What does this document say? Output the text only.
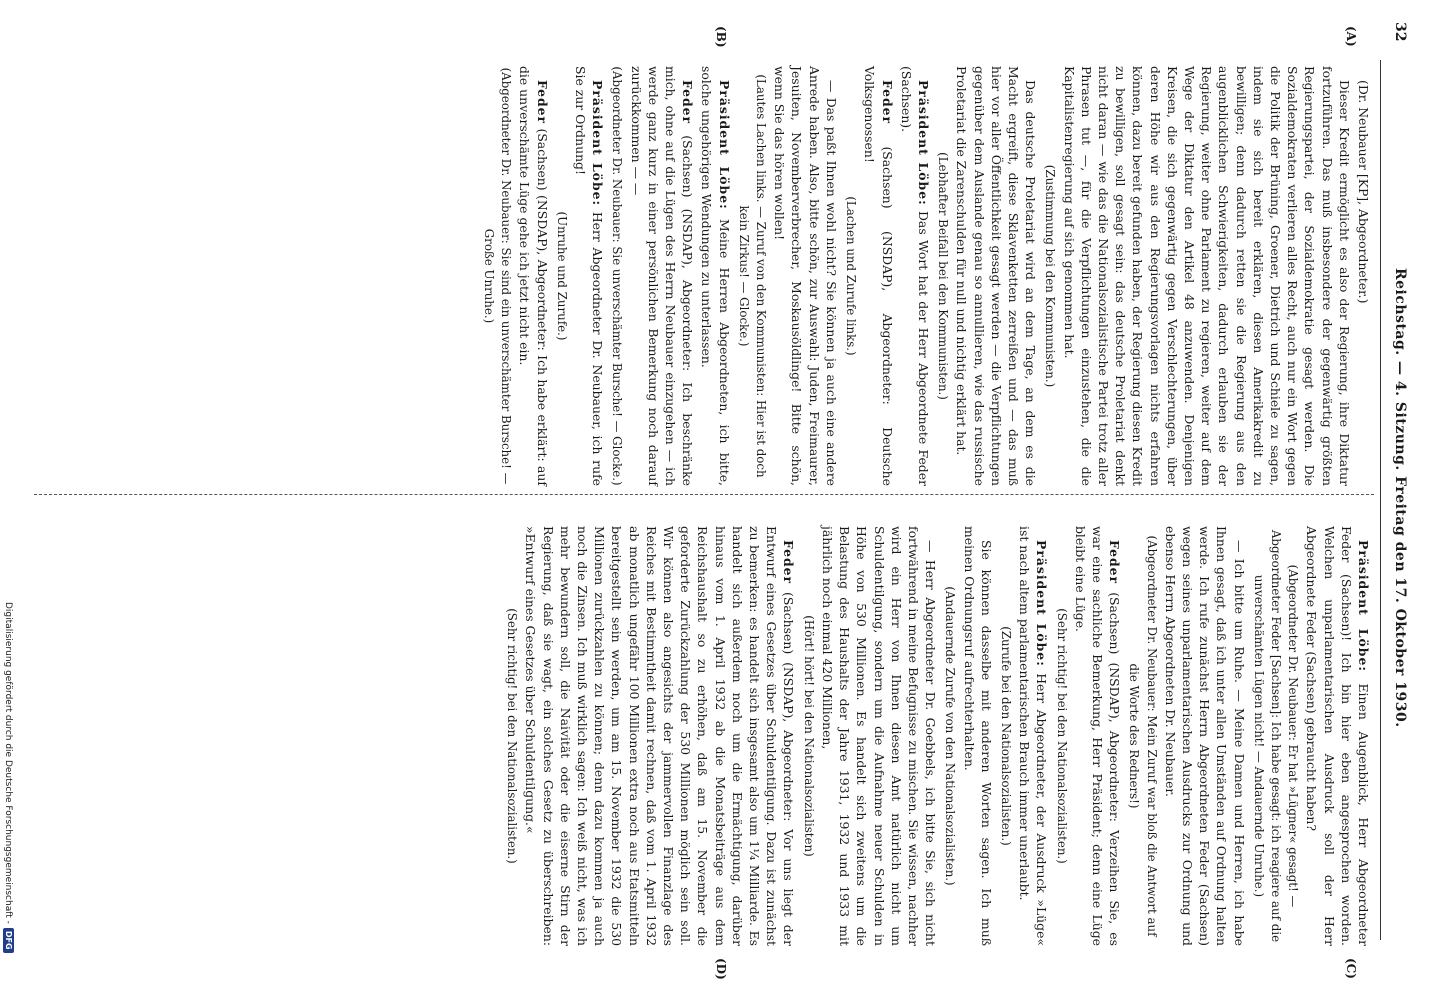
32
Reichstag. — 4. Sitzung. Freitag den 17. Oktober 1930.
(A)
(B)
(C)
(D)

(Dr. Neubauer [KP], Abgeordneter.)

Dieser Kredit ermöglicht es also der Regierung, ihre Diktatur fortzuführen. Das muß insbesondere der gegenwärtig größten Regierungspartei, der Sozialdemokratie gesagt werden. Die Sozialdemokraten verlieren alles Recht, auch nur ein Wort gegen die Politik der Brüning, Groener, Dietrich und Schiele zu sagen, indem sie sich bereit erklären, diesen Amerikakredit zu bewilligen; denn dadurch retten sie die Regierung aus den augenblicklichen Schwierigkeiten, dadurch erlauben sie der Regierung, weiter ohne Parlament zu regieren, weiter auf dem Wege der Diktatur den Artikel 48 anzuwenden. Denjenigen Kreisen, die sich gegenwärtig gegen Verschlechterungen, über deren Höhe wir aus den Regierungsvorlagen nichts erfahren können, dazu bereit gefunden haben, der Regierung diesen Kredit zu bewilligen, soll gesagt sein: das deutsche Proletariat denkt nicht daran — wie das die Nationalsozialistische Partei trotz aller Phrasen tut —, für die Verpflichtungen einzustehen, die die Kapitalistenregierung auf sich genommen hat.

(Zustimmung bei den Kommunisten.)

Das deutsche Proletariat wird an dem Tage, an dem es die Macht ergreift, diese Sklavenketten zerreißen und — das muß hier vor aller Öffentlichkeit gesagt werden — die Verpflichtungen gegenüber dem Auslande genau so annullieren, wie das russische Proletariat die Zarenschulden für null und nichtig erklärt hat.

(Lebhafter Beifall bei den Kommunisten.)

Präsident Löbe: Das Wort hat der Herr Abgeordnete Feder (Sachsen).

Feder (Sachsen) (NSDAP), Abgeordneter: Deutsche Volksgenossen!

(Lachen und Zurufe links.)

— Das paßt Ihnen wohl nicht? Sie können ja auch eine andere Anrede haben. Also, bitte schön, zur Auswahl: Juden, Freimaurer, Jesuiten, Novemberverbrecher, Moskausöldlinge! Bitte schön, wenn Sie das hören wollen!

(Lautes Lachen links. — Zuruf von den Kommunisten: Hier ist doch kein Zirkus! — Glocke.)

Präsident Löbe: Meine Herren Abgeordneten, ich bitte, solche ungehörigen Wendungen zu unterlassen.

Feder (Sachsen) (NSDAP), Abgeordneter: Ich beschränke mich, ohne auf die Lügen des Herrn Neubauer einzugehen — ich werde ganz kurz in einer persönlichen Bemerkung noch darauf zurückkommen — —

(Abgeordneter Dr. Neubauer: Sie unverschämter Bursche! — Glocke.)

Präsident Löbe: Herr Abgeordneter Dr. Neubauer, ich rufe Sie zur Ordnung!

(Unruhe und Zurufe.)

Feder (Sachsen) (NSDAP), Abgeordneter: Ich habe erklärt: auf die unverschämte Lüge gehe ich jetzt nicht ein.

(Abgeordneter Dr. Neubauer: Sie sind ein unverschämter Bursche! — Große Unruhe.)

Präsident Löbe: Einen Augenblick, Herr Abgeordneter Feder (Sachsen)! Ich bin hier eben angesprochen worden. Welchen unparlamentarischen Ausdruck soll der Herr Abgeordnete Feder (Sachsen) gebraucht haben?

(Abgeordneter Dr. Neubauer: Er hat »Lügner« gesagt! — Abgeordneter Feder [Sachsen]: Ich habe gesagt: ich reagiere auf die unverschämten Lügen nicht! — Andauernde Unruhe.)

— Ich bitte um Ruhe. — Meine Damen und Herren, ich habe Ihnen gesagt, daß ich unter allen Umständen auf Ordnung halten werde. Ich rufe zunächst Herrn Abgeordneten Feder (Sachsen) wegen seines unparlamentarischen Ausdrucks zur Ordnung und ebenso Herrn Abgeordneten Dr. Neubauer.

(Abgeordneter Dr. Neubauer: Mein Zuruf war bloß die Antwort auf die Worte des Redners!)

Feder (Sachsen) (NSDAP), Abgeordneter: Verzeihen Sie, es war eine sachliche Bemerkung, Herr Präsident; denn eine Lüge bleibt eine Lüge.

(Sehr richtig! bei den Nationalsozialisten.)

Präsident Löbe: Herr Abgeordneter, der Ausdruck »Lüge« ist nach altem parlamentarischen Brauch immer unerlaubt.

(Zurufe bei den Nationalsozialisten.)

Sie können dasselbe mit anderen Worten sagen. Ich muß meinen Ordnungsruf aufrechterhalten.

(Andauernde Zurufe von den Nationalsozialisten.)

— Herr Abgeordneter Dr. Goebbels, ich bitte Sie, sich nicht fortwährend in meine Befugnisse zu mischen. Sie wissen, nachher wird ein Herr von Ihnen diesen Amt natürlich nicht um Schuldentilgung, sondern um die Aufnahme neuer Schulden in Höhe von 530 Millionen. Es handelt sich zweitens um die Belastung des Haushalts der Jahre 1931, 1932 und 1933 mit jährlich noch einmal 420 Millionen,

(Hört! hört! bei den Nationalsozialisten)

Feder (Sachsen) (NSDAP), Abgeordneter: Vor uns liegt der Entwurf eines Gesetzes über Schuldentilgung. Dazu ist zunächst zu bemerken: es handelt sich insgesamt also um 1¼ Milliarde. Es handelt sich außerdem noch um die Ermächtigung, darüber hinaus vom 1. April 1932 ab die Monatsbeiträge aus dem Reichshaushalt so zu erhöhen, daß am 15. November die geforderte Zurückzahlung der 530 Millionen möglich sein soll. Wir können also angesichts der jammervollen Finanzlage des Reiches mit Bestimmtheit damit rechnen, daß vom 1. April 1932 ab monatlich ungefähr 100 Millionen extra noch aus Etatsmitteln bereitgestellt sein werden, um am 15. November 1932 die 530 Millionen zurückzahlen zu können; denn dazu kommen ja auch noch die Zinsen. Ich muß wirklich sagen: Ich weiß nicht, was ich mehr bewundern soll, die Naivität oder die eiserne Stirn der Regierung, daß sie wagt, ein solches Gesetz zu überschreiben: »Entwurf eines Gesetzes über Schuldentilgung.«

(Sehr richtig! bei den Nationalsozialisten.)

Digitalisierung gefördert durch die Deutsche Forschungsgemeinschaft -
DFG
